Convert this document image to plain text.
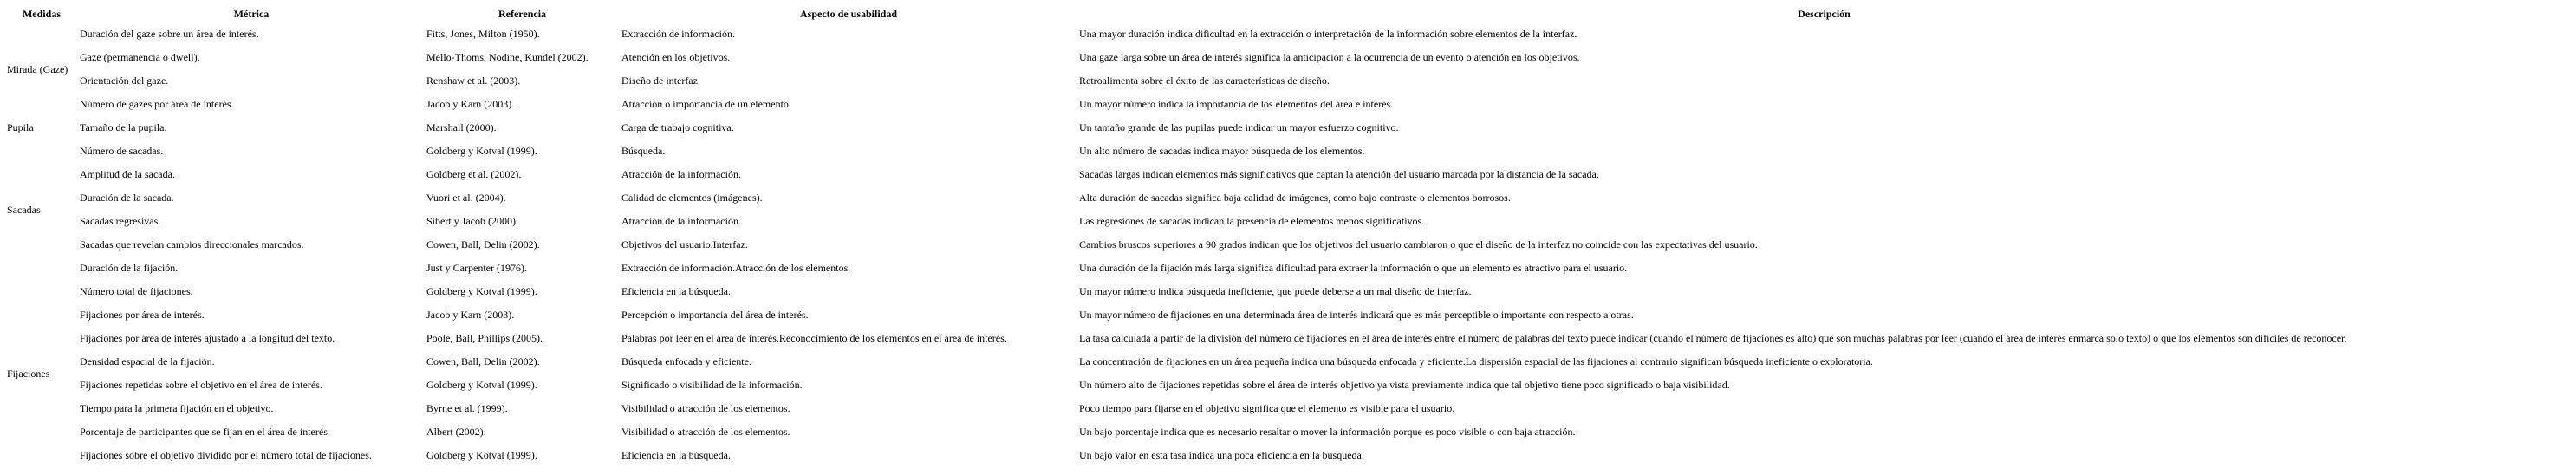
Medidas	Métrica	Referencia	Aspecto de usabilidad	Descripción
Mirada (Gaze)	Duración del gaze sobre un área de interés.	Fitts, Jones, Milton (1950).	Extracción de información.	Una mayor duración indica dificultad en la extracción o interpretación de la información sobre elementos de la interfaz.
	Gaze (permanencia o dwell).	Mello-Thoms, Nodine, Kundel (2002).	Atención en los objetivos.	Una gaze larga sobre un área de interés significa la anticipación a la ocurrencia de un evento o atención en los objetivos.
	Orientación del gaze.	Renshaw et al. (2003).	Diseño de interfaz.	Retroalimenta sobre el éxito de las características de diseño.
	Número de gazes por área de interés.	Jacob y Karn (2003).	Atracción o importancia de un elemento.	Un mayor número indica la importancia de los elementos del área e interés.
Pupila	Tamaño de la pupila.	Marshall (2000).	Carga de trabajo cognitiva.	Un tamaño grande de las pupilas puede indicar un mayor esfuerzo cognitivo.
Sacadas	Número de sacadas.	Goldberg y Kotval (1999).	Búsqueda.	Un alto número de sacadas indica mayor búsqueda de los elementos.
	Amplitud de la sacada.	Goldberg et al. (2002).	Atracción de la información.	Sacadas largas indican elementos más significativos que captan la atención del usuario marcada por la distancia de la sacada.
	Duración de la sacada.	Vuori et al. (2004).	Calidad de elementos (imágenes).	Alta duración de sacadas significa baja calidad de imágenes, como bajo contraste o elementos borrosos.
	Sacadas regresivas.	Sibert y Jacob (2000).	Atracción de la información.	Las regresiones de sacadas indican la presencia de elementos menos significativos.
	Sacadas que revelan cambios direccionales marcados.	Cowen, Ball, Delin (2002).	Objetivos del usuario.Interfaz.	Cambios bruscos superiores a 90 grados indican que los objetivos del usuario cambiaron o que el diseño de la interfaz no coincide con las expectativas del usuario.
	Duración de la fijación.	Just y Carpenter (1976).	Extracción de información.Atracción de los elementos.	Una duración de la fijación más larga significa dificultad para extraer la información o que un elemento es atractivo para el usuario.
Fijaciones	Número total de fijaciones.	Goldberg y Kotval (1999).	Eficiencia en la búsqueda.	Un mayor número indica búsqueda ineficiente, que puede deberse a un mal diseño de interfaz.
	Fijaciones por área de interés.	Jacob y Karn (2003).	Percepción o importancia del área de interés.	Un mayor número de fijaciones en una determinada área de interés indicará que es más perceptible o importante con respecto a otras.
	Fijaciones por área de interés ajustado a la longitud del texto.	Poole, Ball, Phillips (2005).	Palabras por leer en el área de interés.Reconocimiento de los elementos en el área de interés.	La tasa calculada a partir de la división del número de fijaciones en el área de interés entre el número de palabras del texto puede indicar (cuando el número de fijaciones es alto) que son muchas palabras por leer (cuando el área de interés enmarca solo texto) o que los elementos son difíciles de reconocer.
	Densidad espacial de la fijación.	Cowen, Ball, Delin (2002).	Búsqueda enfocada y eficiente.	La concentración de fijaciones en un área pequeña indica una búsqueda enfocada y eficiente.La dispersión espacial de las fijaciones al contrario significan búsqueda ineficiente o exploratoria.
	Fijaciones repetidas sobre el objetivo en el área de interés.	Goldberg y Kotval (1999).	Significado o visibilidad de la información.	Un número alto de fijaciones repetidas sobre el área de interés objetivo ya vista previamente indica que tal objetivo tiene poco significado o baja visibilidad.
	Tiempo para la primera fijación en el objetivo.	Byrne et al. (1999).	Visibilidad o atracción de los elementos.	Poco tiempo para fijarse en el objetivo significa que el elemento es visible para el usuario.
	Porcentaje de participantes que se fijan en el área de interés.	Albert (2002).	Visibilidad o atracción de los elementos.	Un bajo porcentaje indica que es necesario resaltar o mover la información porque es poco visible o con baja atracción.
	Fijaciones sobre el objetivo dividido por el número total de fijaciones.	Goldberg y Kotval (1999).	Eficiencia en la búsqueda.	Un bajo valor en esta tasa indica una poca eficiencia en la búsqueda.
